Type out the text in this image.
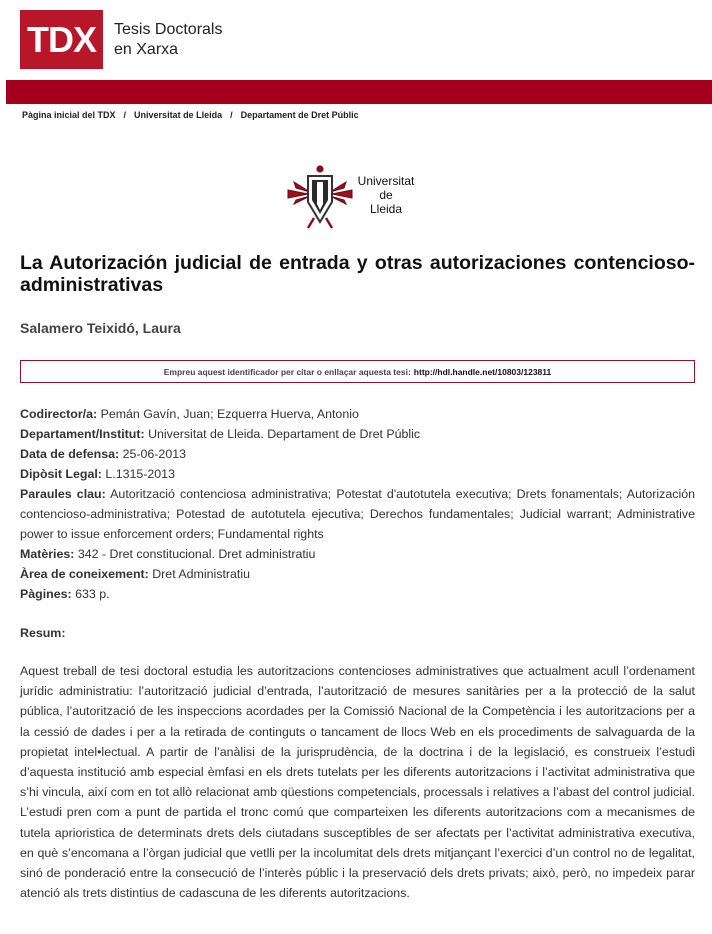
TDX	Tesis Doctorals
en Xarxa
Pàgina inicial del TDX / Universitat de Lleida / Departament de Dret Públic
Universitat
de
Lleida
La Autorización judicial de entrada y otras autorizaciones contencioso-administrativas
Salamero Teixidó, Laura
Empreu aquest identificador per citar o enllaçar aquesta tesi: http://hdl.handle.net/10803/123811
Codirector/a: Pemán Gavín, Juan; Ezquerra Huerva, Antonio
Departament/Institut: Universitat de Lleida. Departament de Dret Públic
Data de defensa: 25-06-2013
Dipòsit Legal: L.1315-2013
Paraules clau: Autorització contenciosa administrativa; Potestat d'autotutela executiva; Drets fonamentals; Autorización contencioso-administrativa; Potestad de autotutela ejecutiva; Derechos fundamentales; Judicial warrant; Administrative power to issue enforcement orders; Fundamental rights
Matèries: 342 - Dret constitucional. Dret administratiu
Àrea de coneixement: Dret Administratiu
Pàgines: 633 p.
Resum:

Aquest treball de tesi doctoral estudia les autoritzacions contencioses administratives que actualment acull l’ordenament jurídic administratiu: l’autorització judicial d’entrada, l’autorització de mesures sanitàries per a la protecció de la salut pública, l’autorització de les inspeccions acordades per la Comissió Nacional de la Competència i les autoritzacions per a la cessió de dades i per a la retirada de continguts o tancament de llocs Web en els procediments de salvaguarda de la propietat intel•lectual. A partir de l’anàlisi de la jurisprudència, de la doctrina i de la legislació, es construeix l’estudi d’aquesta institució amb especial èmfasi en els drets tutelats per les diferents autoritzacions i l’activitat administrativa que s’hi vincula, així com en tot allò relacionat amb qüestions competencials, processals i relatives a l’abast del control judicial. L’estudi pren com a punt de partida el tronc comú que comparteixen les diferents autoritzacions com a mecanismes de tutela aprioristica de determinats drets dels ciutadans susceptibles de ser afectats per l’activitat administrativa executiva, en què s’encomana a l’òrgan judicial que vetlli per la incolumitat dels drets mitjançant l’exercici d’un control no de legalitat, sinó de ponderació entre la consecució de l’interès públic i la preservació dels drets privats; això, però, no impedeix parar atenció als trets distintius de cadascuna de les diferents autoritzacions.
